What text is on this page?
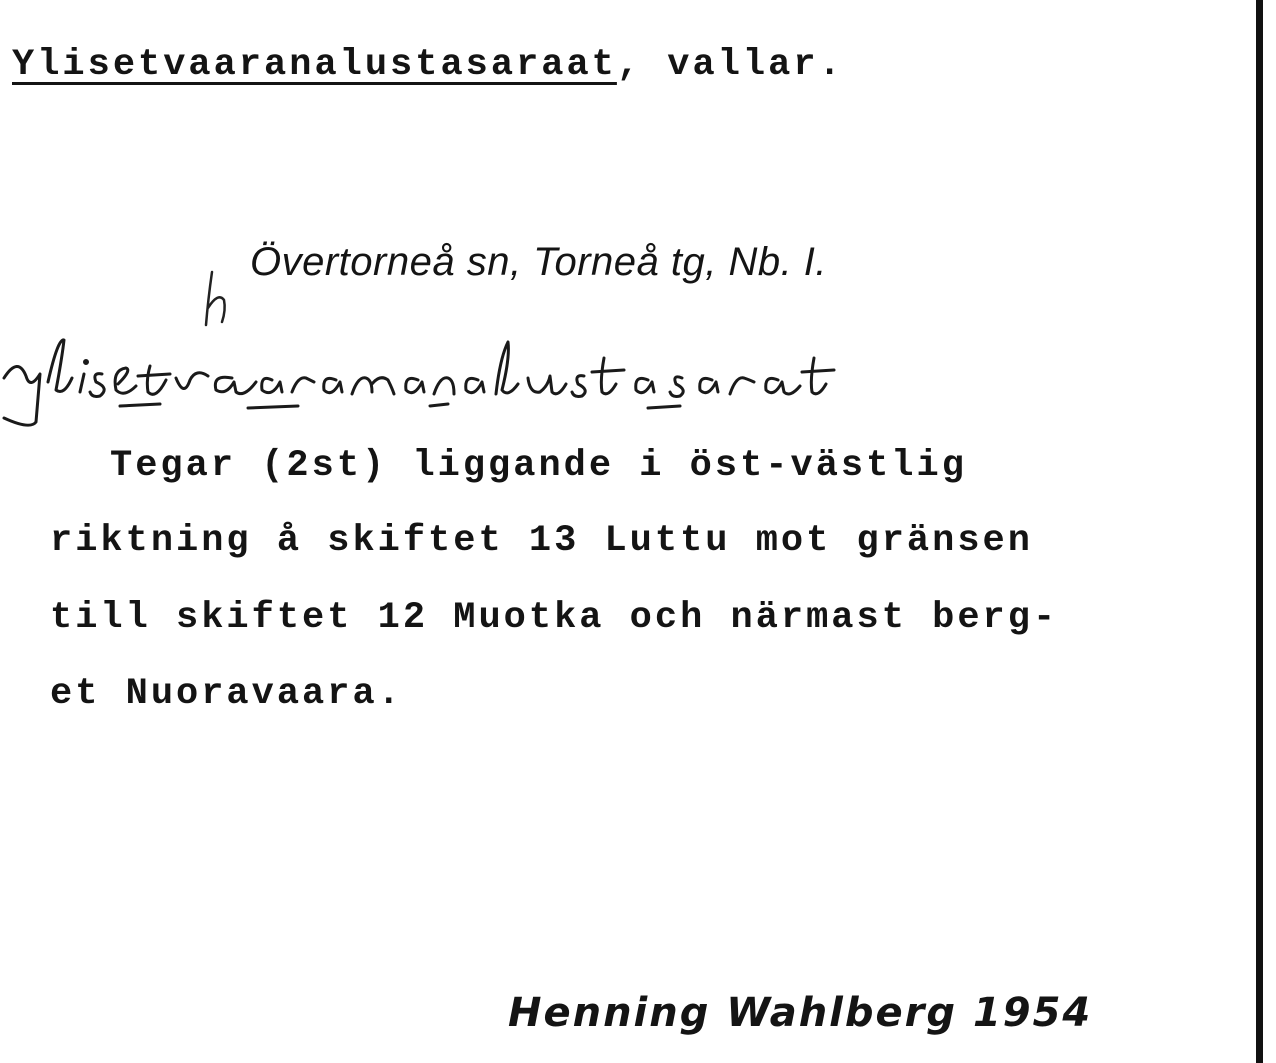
Ylisetvaaranalustasaraat, vallar.
Övertorneå sn, Torneå tg, Nb. I.
Tegar (2st) liggande i öst-västlig
riktning å skiftet 13 Luttu mot gränsen
till skiftet 12 Muotka och närmast berg-
et Nuoravaara.
Henning Wahlberg 1954
